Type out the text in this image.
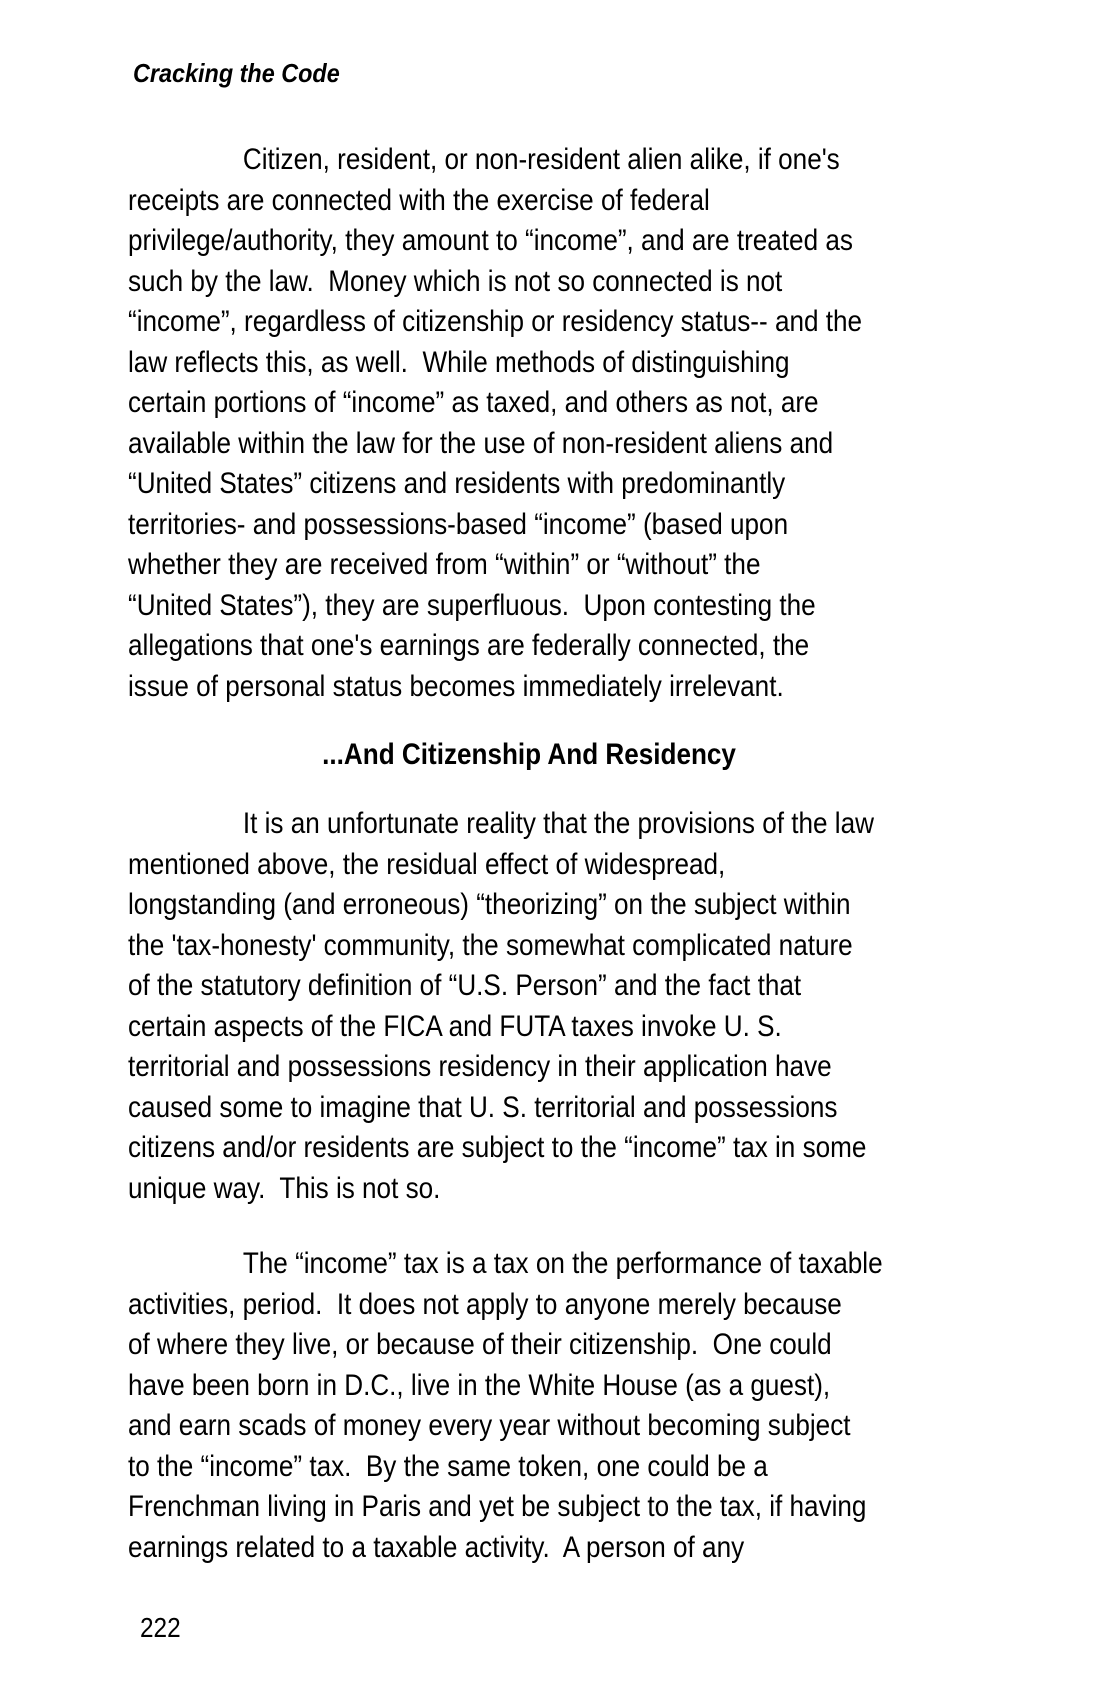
Cracking the Code
Citizen, resident, or non-resident alien alike, if one's
receipts are connected with the exercise of federal
privilege/authority, they amount to “income”, and are treated as
such by the law.  Money which is not so connected is not
“income”, regardless of citizenship or residency status-- and the
law reflects this, as well.  While methods of distinguishing
certain portions of “income” as taxed, and others as not, are
available within the law for the use of non-resident aliens and
“United States” citizens and residents with predominantly
territories- and possessions-based “income” (based upon
whether they are received from “within” or “without” the
“United States”), they are superfluous.  Upon contesting the
allegations that one's earnings are federally connected, the
issue of personal status becomes immediately irrelevant.
...And Citizenship And Residency
It is an unfortunate reality that the provisions of the law
mentioned above, the residual effect of widespread,
longstanding (and erroneous) “theorizing” on the subject within
the 'tax-honesty' community, the somewhat complicated nature
of the statutory definition of “U.S. Person” and the fact that
certain aspects of the FICA and FUTA taxes invoke U. S.
territorial and possessions residency in their application have
caused some to imagine that U. S. territorial and possessions
citizens and/or residents are subject to the “income” tax in some
unique way.  This is not so.
The “income” tax is a tax on the performance of taxable
activities, period.  It does not apply to anyone merely because
of where they live, or because of their citizenship.  One could
have been born in D.C., live in the White House (as a guest),
and earn scads of money every year without becoming subject
to the “income” tax.  By the same token, one could be a
Frenchman living in Paris and yet be subject to the tax, if having
earnings related to a taxable activity.  A person of any
222
